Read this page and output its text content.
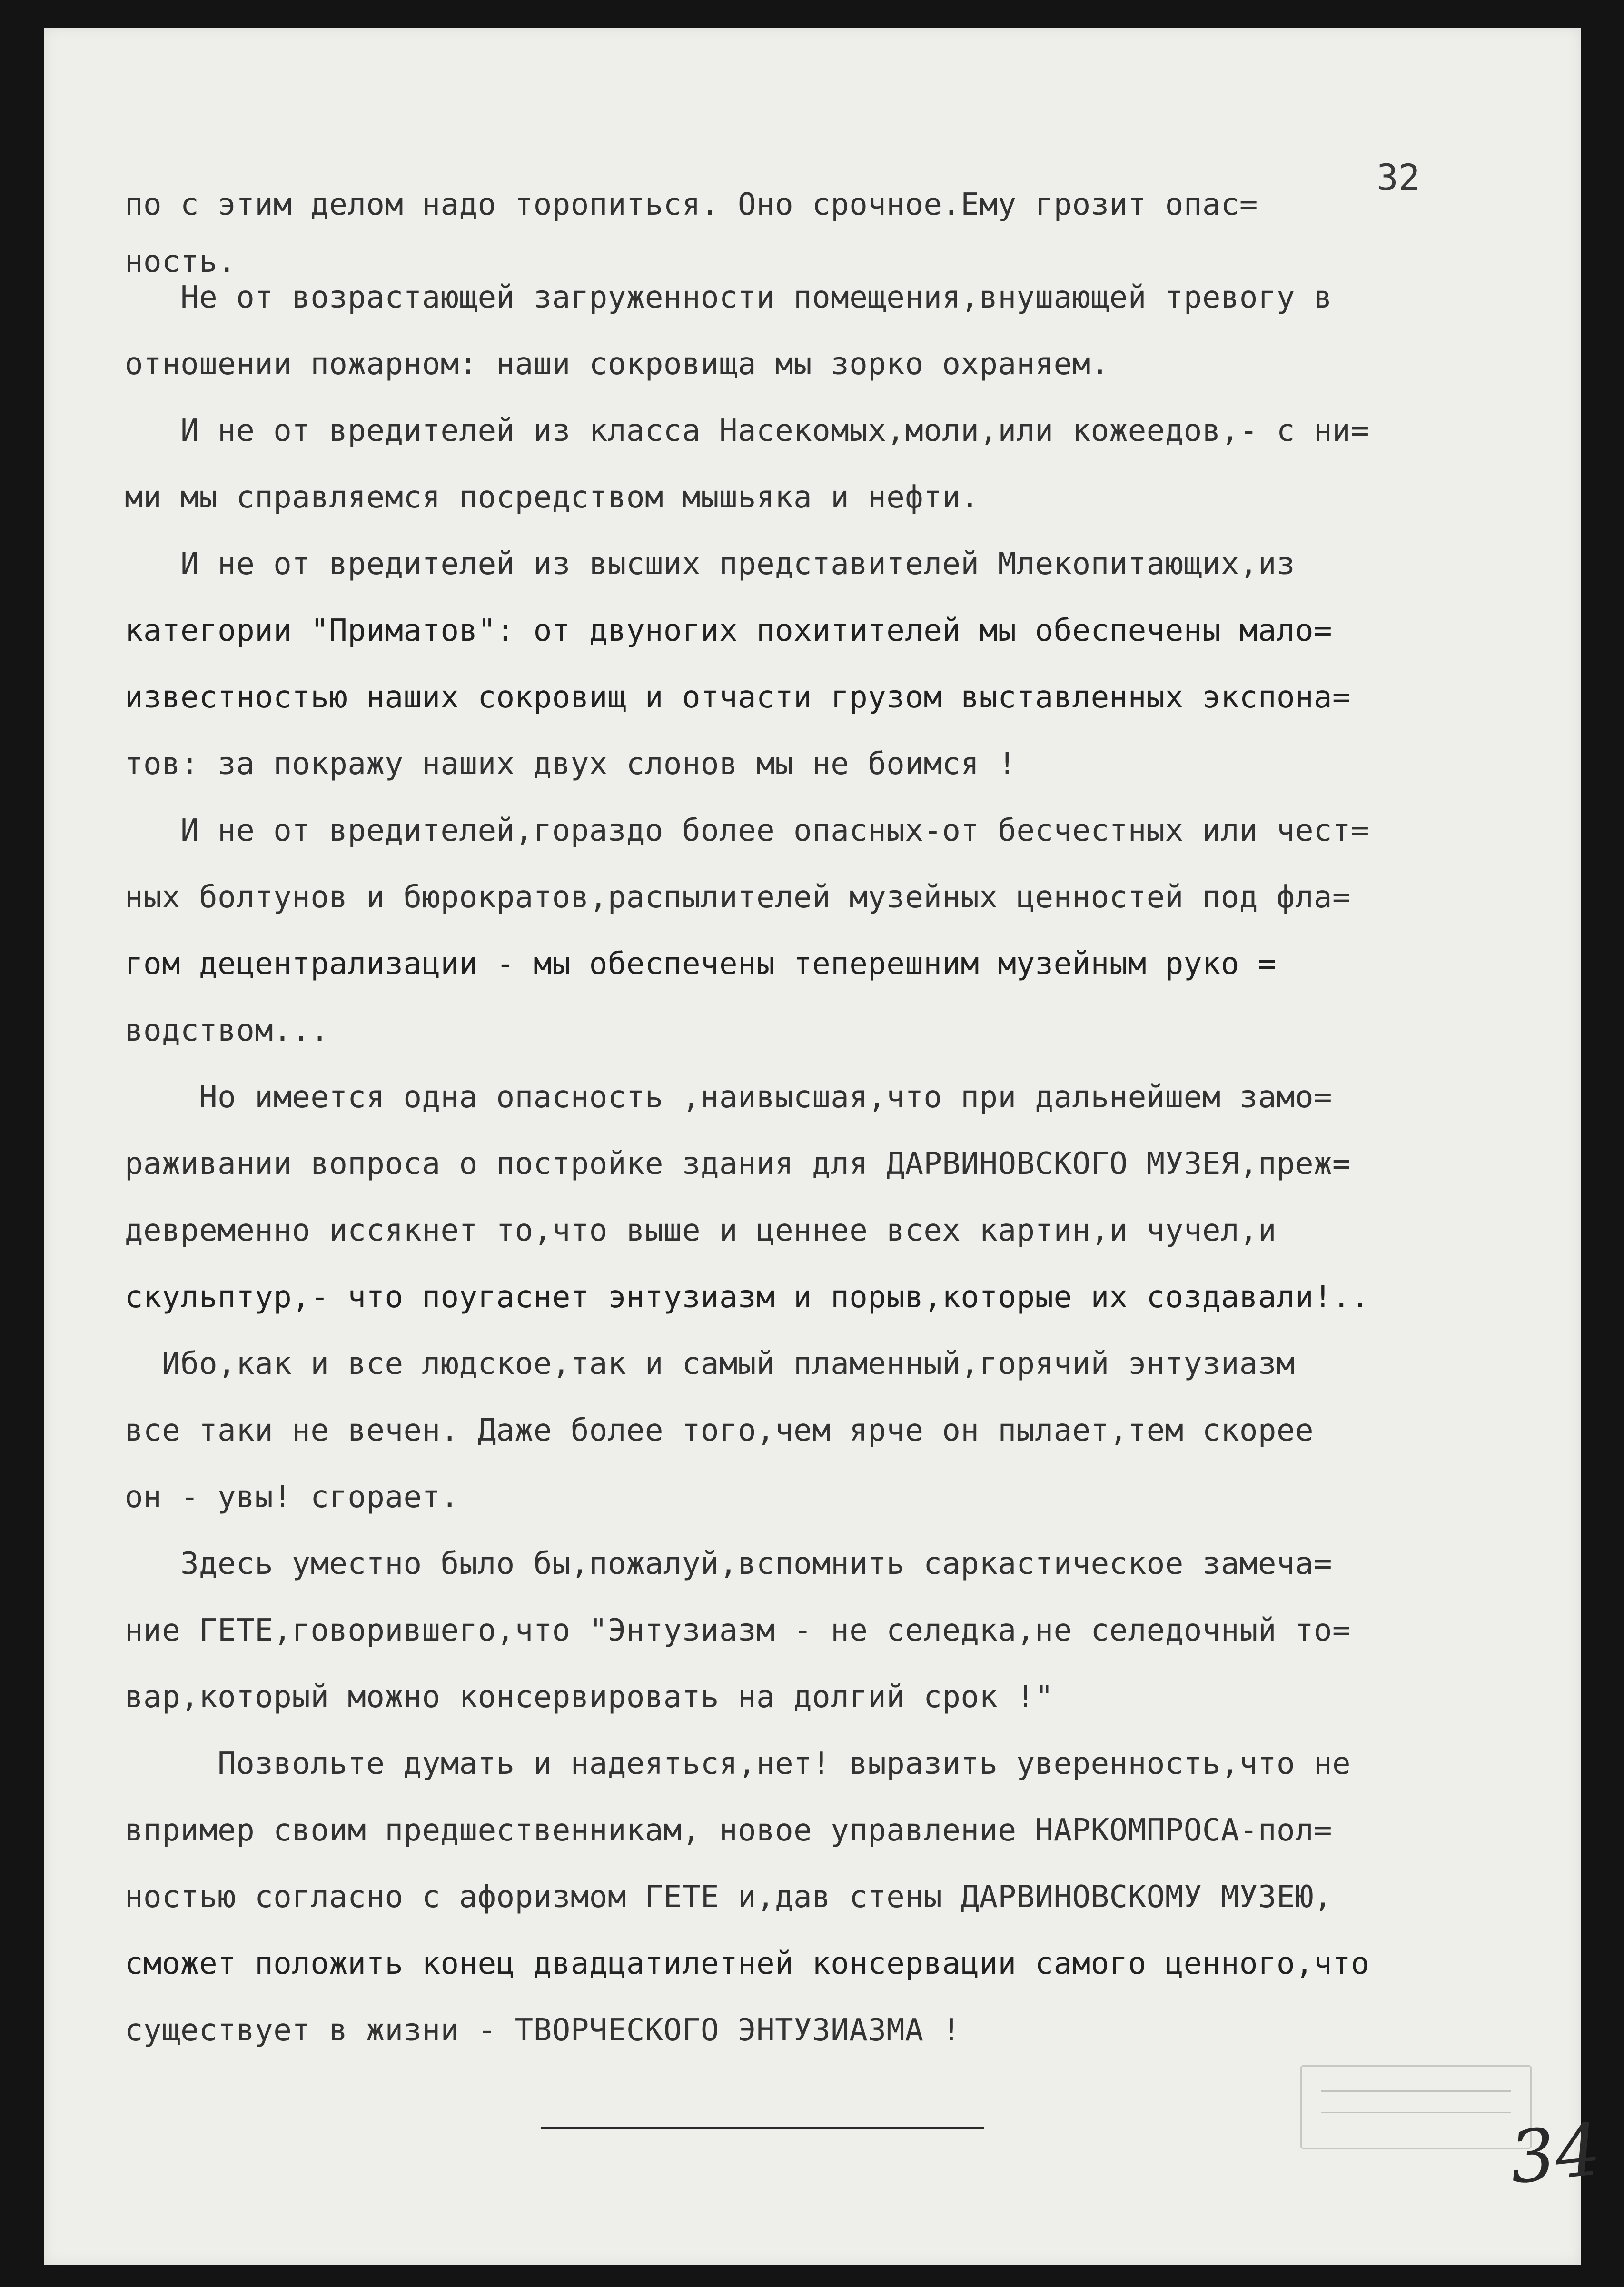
32
по с этим делом надо торопиться. Оно срочное.Ему грозит опас=
ность.
Не от возрастающей загруженности помещения,внушающей тревогу в
отношении пожарном: наши сокровища мы зорко охраняем.
И не от вредителей из класса Насекомых,моли,или кожеедов,- с ни=
ми мы справляемся посредством мышьяка и нефти.
И не от вредителей из высших представителей Млекопитающих,из
категории "Приматов": от двуногих похитителей мы обеспечены мало=
известностью наших сокровищ и отчасти грузом выставленных экспона=
тов: за покражу наших двух слонов мы не боимся !
И не от вредителей,гораздо более опасных-от бесчестных или чест=
ных болтунов и бюрократов,распылителей музейных ценностей под фла=
гом децентрализации - мы обеспечены теперешним музейным руко =
водством...
Но имеется одна опасность ,наивысшая,что при дальнейшем замо=
раживании вопроса о постройке здания для ДАРВИНОВСКОГО МУЗЕЯ,преж=
девременно иссякнет то,что выше и ценнее всех картин,и чучел,и
скульптур,- что поугаснет энтузиазм и порыв,которые их создавали!..
Ибо,как и все людское,так и самый пламенный,горячий энтузиазм
все таки не вечен. Даже более того,чем ярче он пылает,тем скорее
он - увы! сгорает.
Здесь уместно было бы,пожалуй,вспомнить саркастическое замеча=
ние ГЕТЕ,говорившего,что "Энтузиазм - не селедка,не селедочный то=
вар,который можно консервировать на долгий срок !"
Позвольте думать и надеяться,нет! выразить уверенность,что не
впример своим предшественникам, новое управление НАРКОМПРОСА-пол=
ностью согласно с афоризмом ГЕТЕ и,дав стены ДАРВИНОВСКОМУ МУЗЕЮ,
сможет положить конец двадцатилетней консервации самого ценного,что
существует в жизни - ТВОРЧЕСКОГО ЭНТУЗИАЗМА !
34
